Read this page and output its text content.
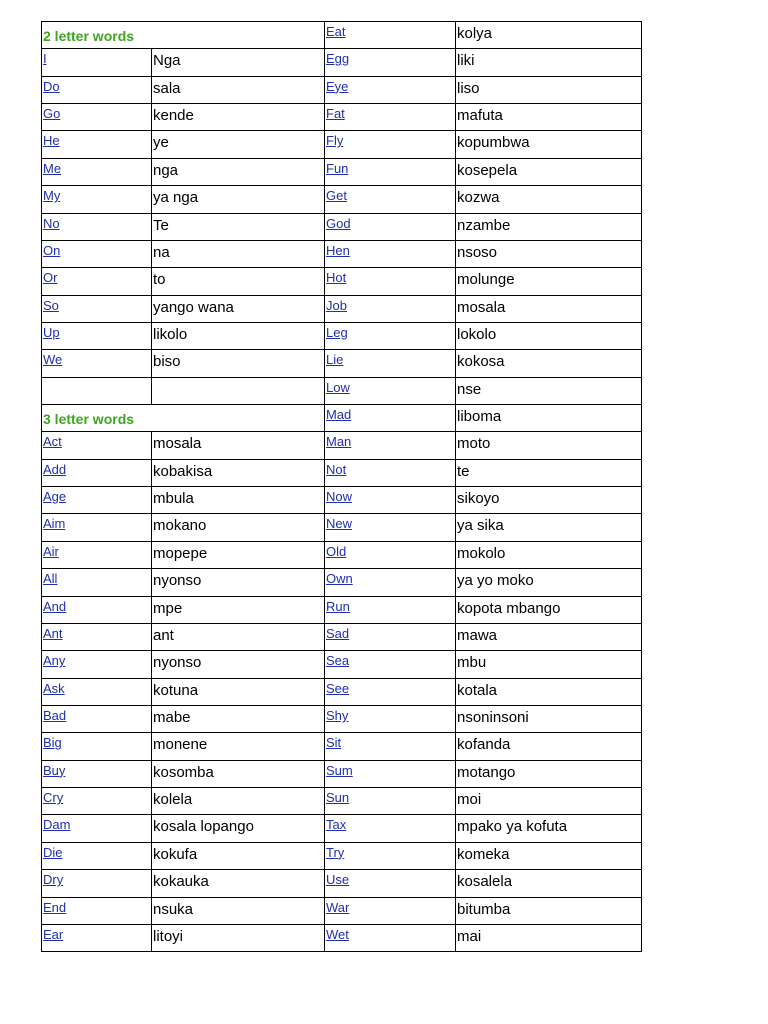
2 letter words		Eat	kolya
I	Nga	Egg	liki
Do	sala	Eye	liso
Go	kende	Fat	mafuta
He	ye	Fly	kopumbwa
Me	nga	Fun	kosepela
My	ya nga	Get	kozwa
No	Te	God	nzambe
On	na	Hen	nsoso
Or	to	Hot	molunge
So	yango wana	Job	mosala
Up	likolo	Leg	lokolo
We	biso	Lie	kokosa
		Low	nse
3 letter words		Mad	liboma
Act	mosala	Man	moto
Add	kobakisa	Not	te
Age	mbula	Now	sikoyo
Aim	mokano	New	ya sika
Air	mopepe	Old	mokolo
All	nyonso	Own	ya yo moko
And	mpe	Run	kopota mbango
Ant	ant	Sad	mawa
Any	nyonso	Sea	mbu
Ask	kotuna	See	kotala
Bad	mabe	Shy	nsoninsoni
Big	monene	Sit	kofanda
Buy	kosomba	Sum	motango
Cry	kolela	Sun	moi
Dam	kosala lopango	Tax	mpako ya kofuta
Die	kokufa	Try	komeka
Dry	kokauka	Use	kosalela
End	nsuka	War	bitumba
Ear	litoyi	Wet	mai
